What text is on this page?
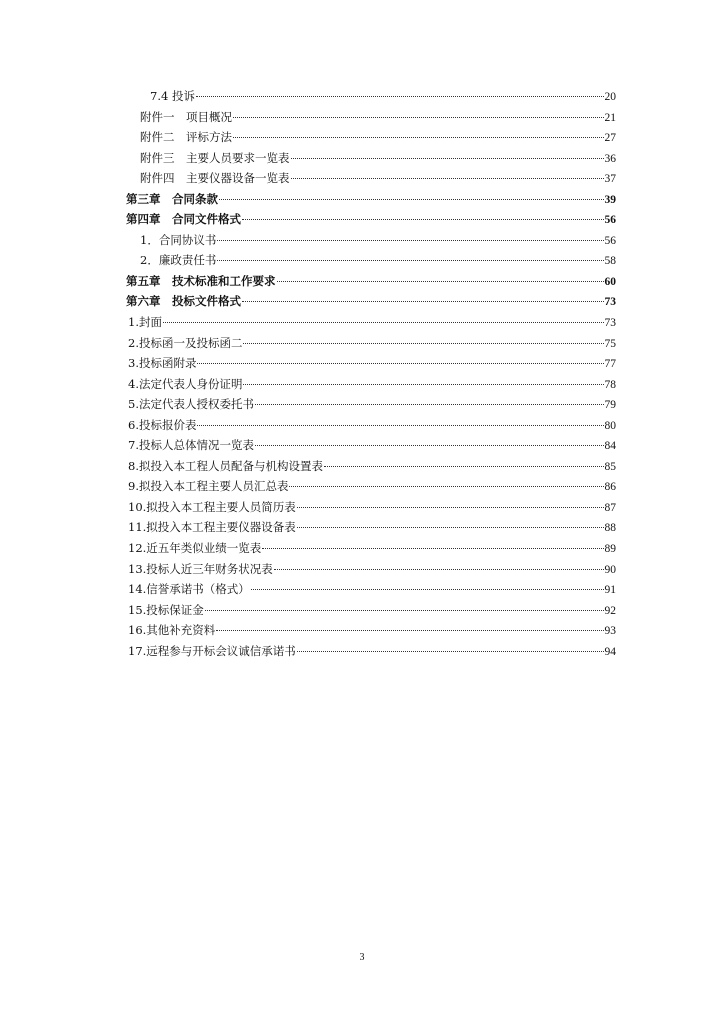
7.4 投诉	20
附件一　项目概况	21
附件二　评标方法	27
附件三　主要人员要求一览表	36
附件四　主要仪器设备一览表	37
第三章　合同条款	39
第四章　合同文件格式	56
1．合同协议书	56
2．廉政责任书	58
第五章　技术标准和工作要求	60
第六章　投标文件格式	73
1.封面	73
2.投标函一及投标函二	75
3.投标函附录	77
4.法定代表人身份证明	78
5.法定代表人授权委托书	79
6.投标报价表	80
7.投标人总体情况一览表	84
8.拟投入本工程人员配备与机构设置表	85
9.拟投入本工程主要人员汇总表	86
10.拟投入本工程主要人员简历表	87
11.拟投入本工程主要仪器设备表	88
12.近五年类似业绩一览表	89
13.投标人近三年财务状况表	90
14.信誉承诺书（格式）	91
15.投标保证金	92
16.其他补充资料	93
17.远程参与开标会议诚信承诺书	94
3
